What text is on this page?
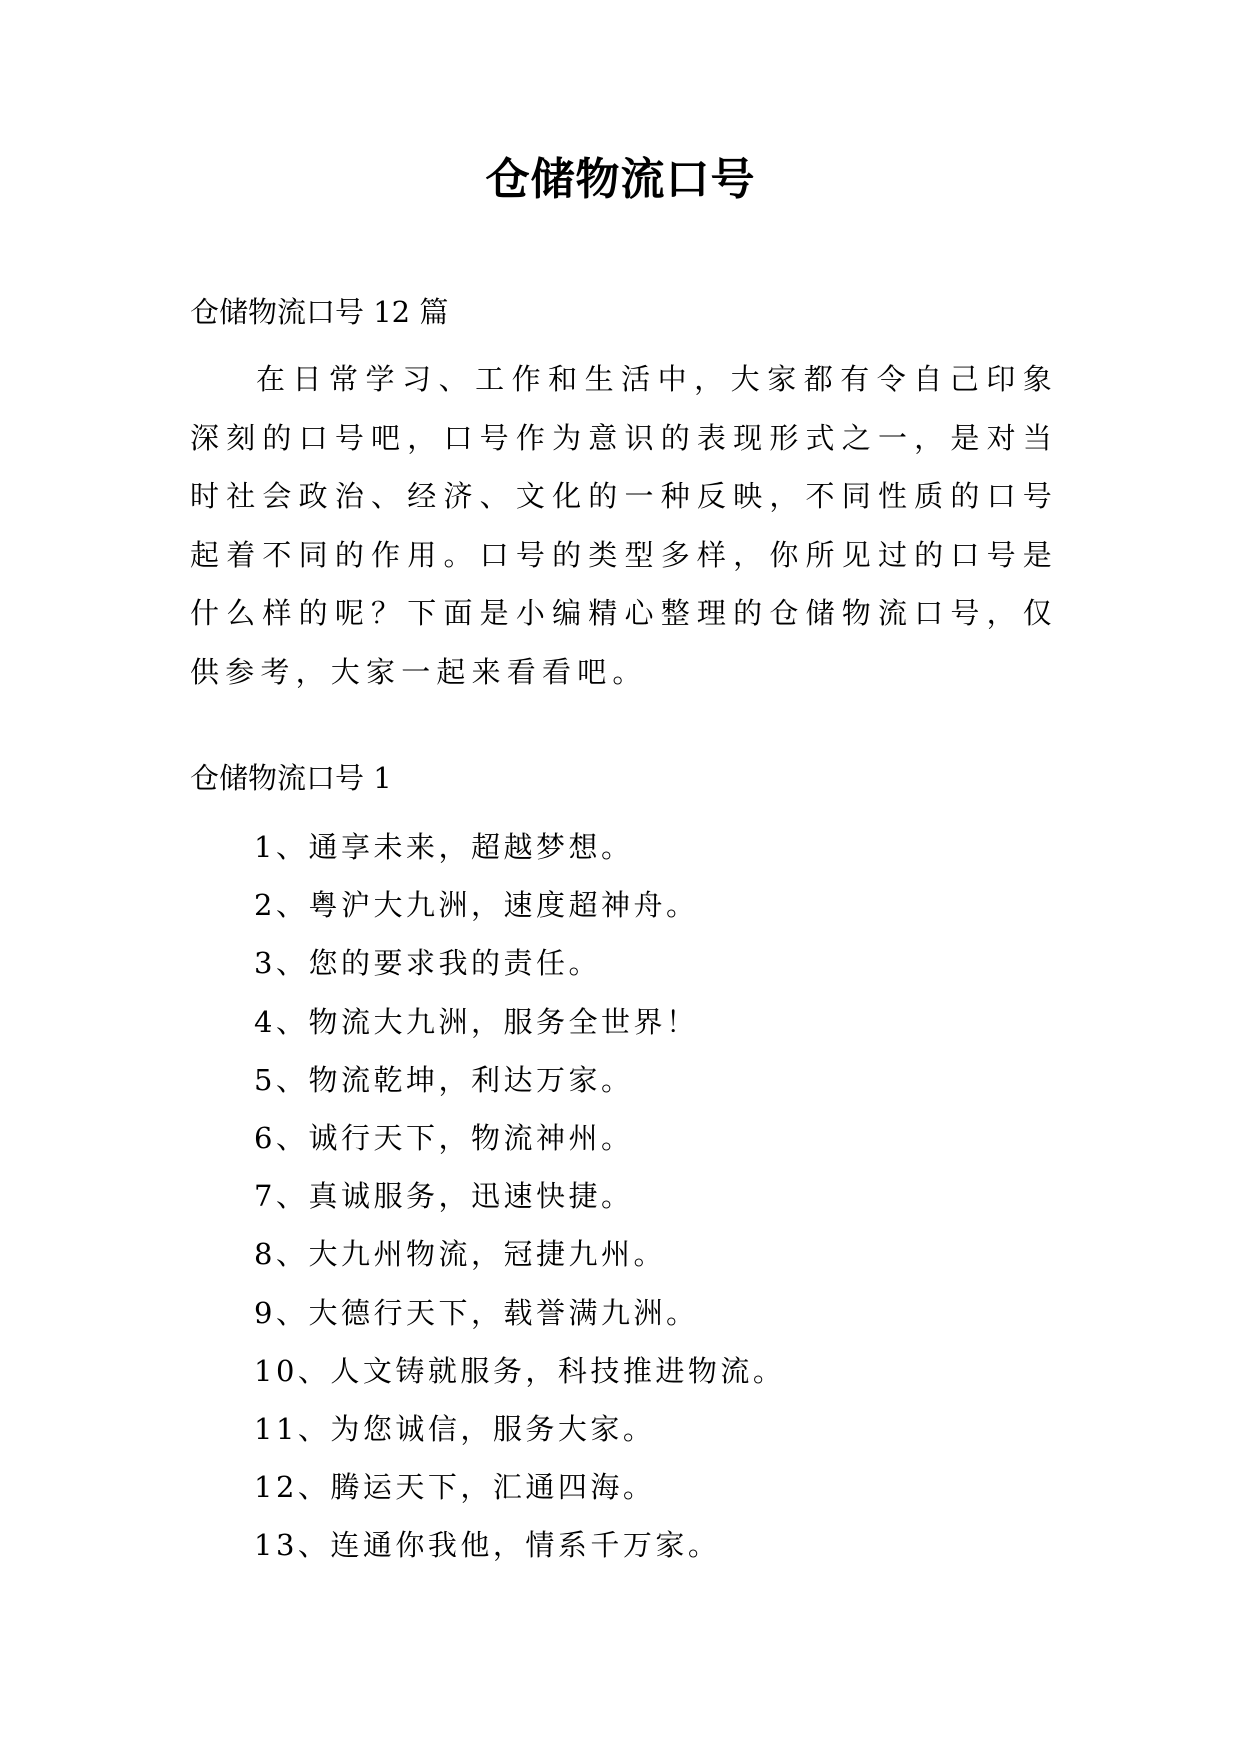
仓储物流口号
仓储物流口号 12 篇

在日常学习、工作和生活中，大家都有令自己印象深刻的口号吧，口号作为意识的表现形式之一，是对当时社会政治、经济、文化的一种反映，不同性质的口号起着不同的作用。口号的类型多样，你所见过的口号是什么样的呢？下面是小编精心整理的仓储物流口号，仅供参考，大家一起来看看吧。

仓储物流口号 1
1、通享未来，超越梦想。
2、粤沪大九洲，速度超神舟。
3、您的要求我的责任。
4、物流大九洲，服务全世界！
5、物流乾坤，利达万家。
6、诚行天下，物流神州。
7、真诚服务，迅速快捷。
8、大九州物流，冠捷九州。
9、大德行天下，载誉满九洲。
10、人文铸就服务，科技推进物流。
11、为您诚信，服务大家。
12、腾运天下，汇通四海。
13、连通你我他，情系千万家。
